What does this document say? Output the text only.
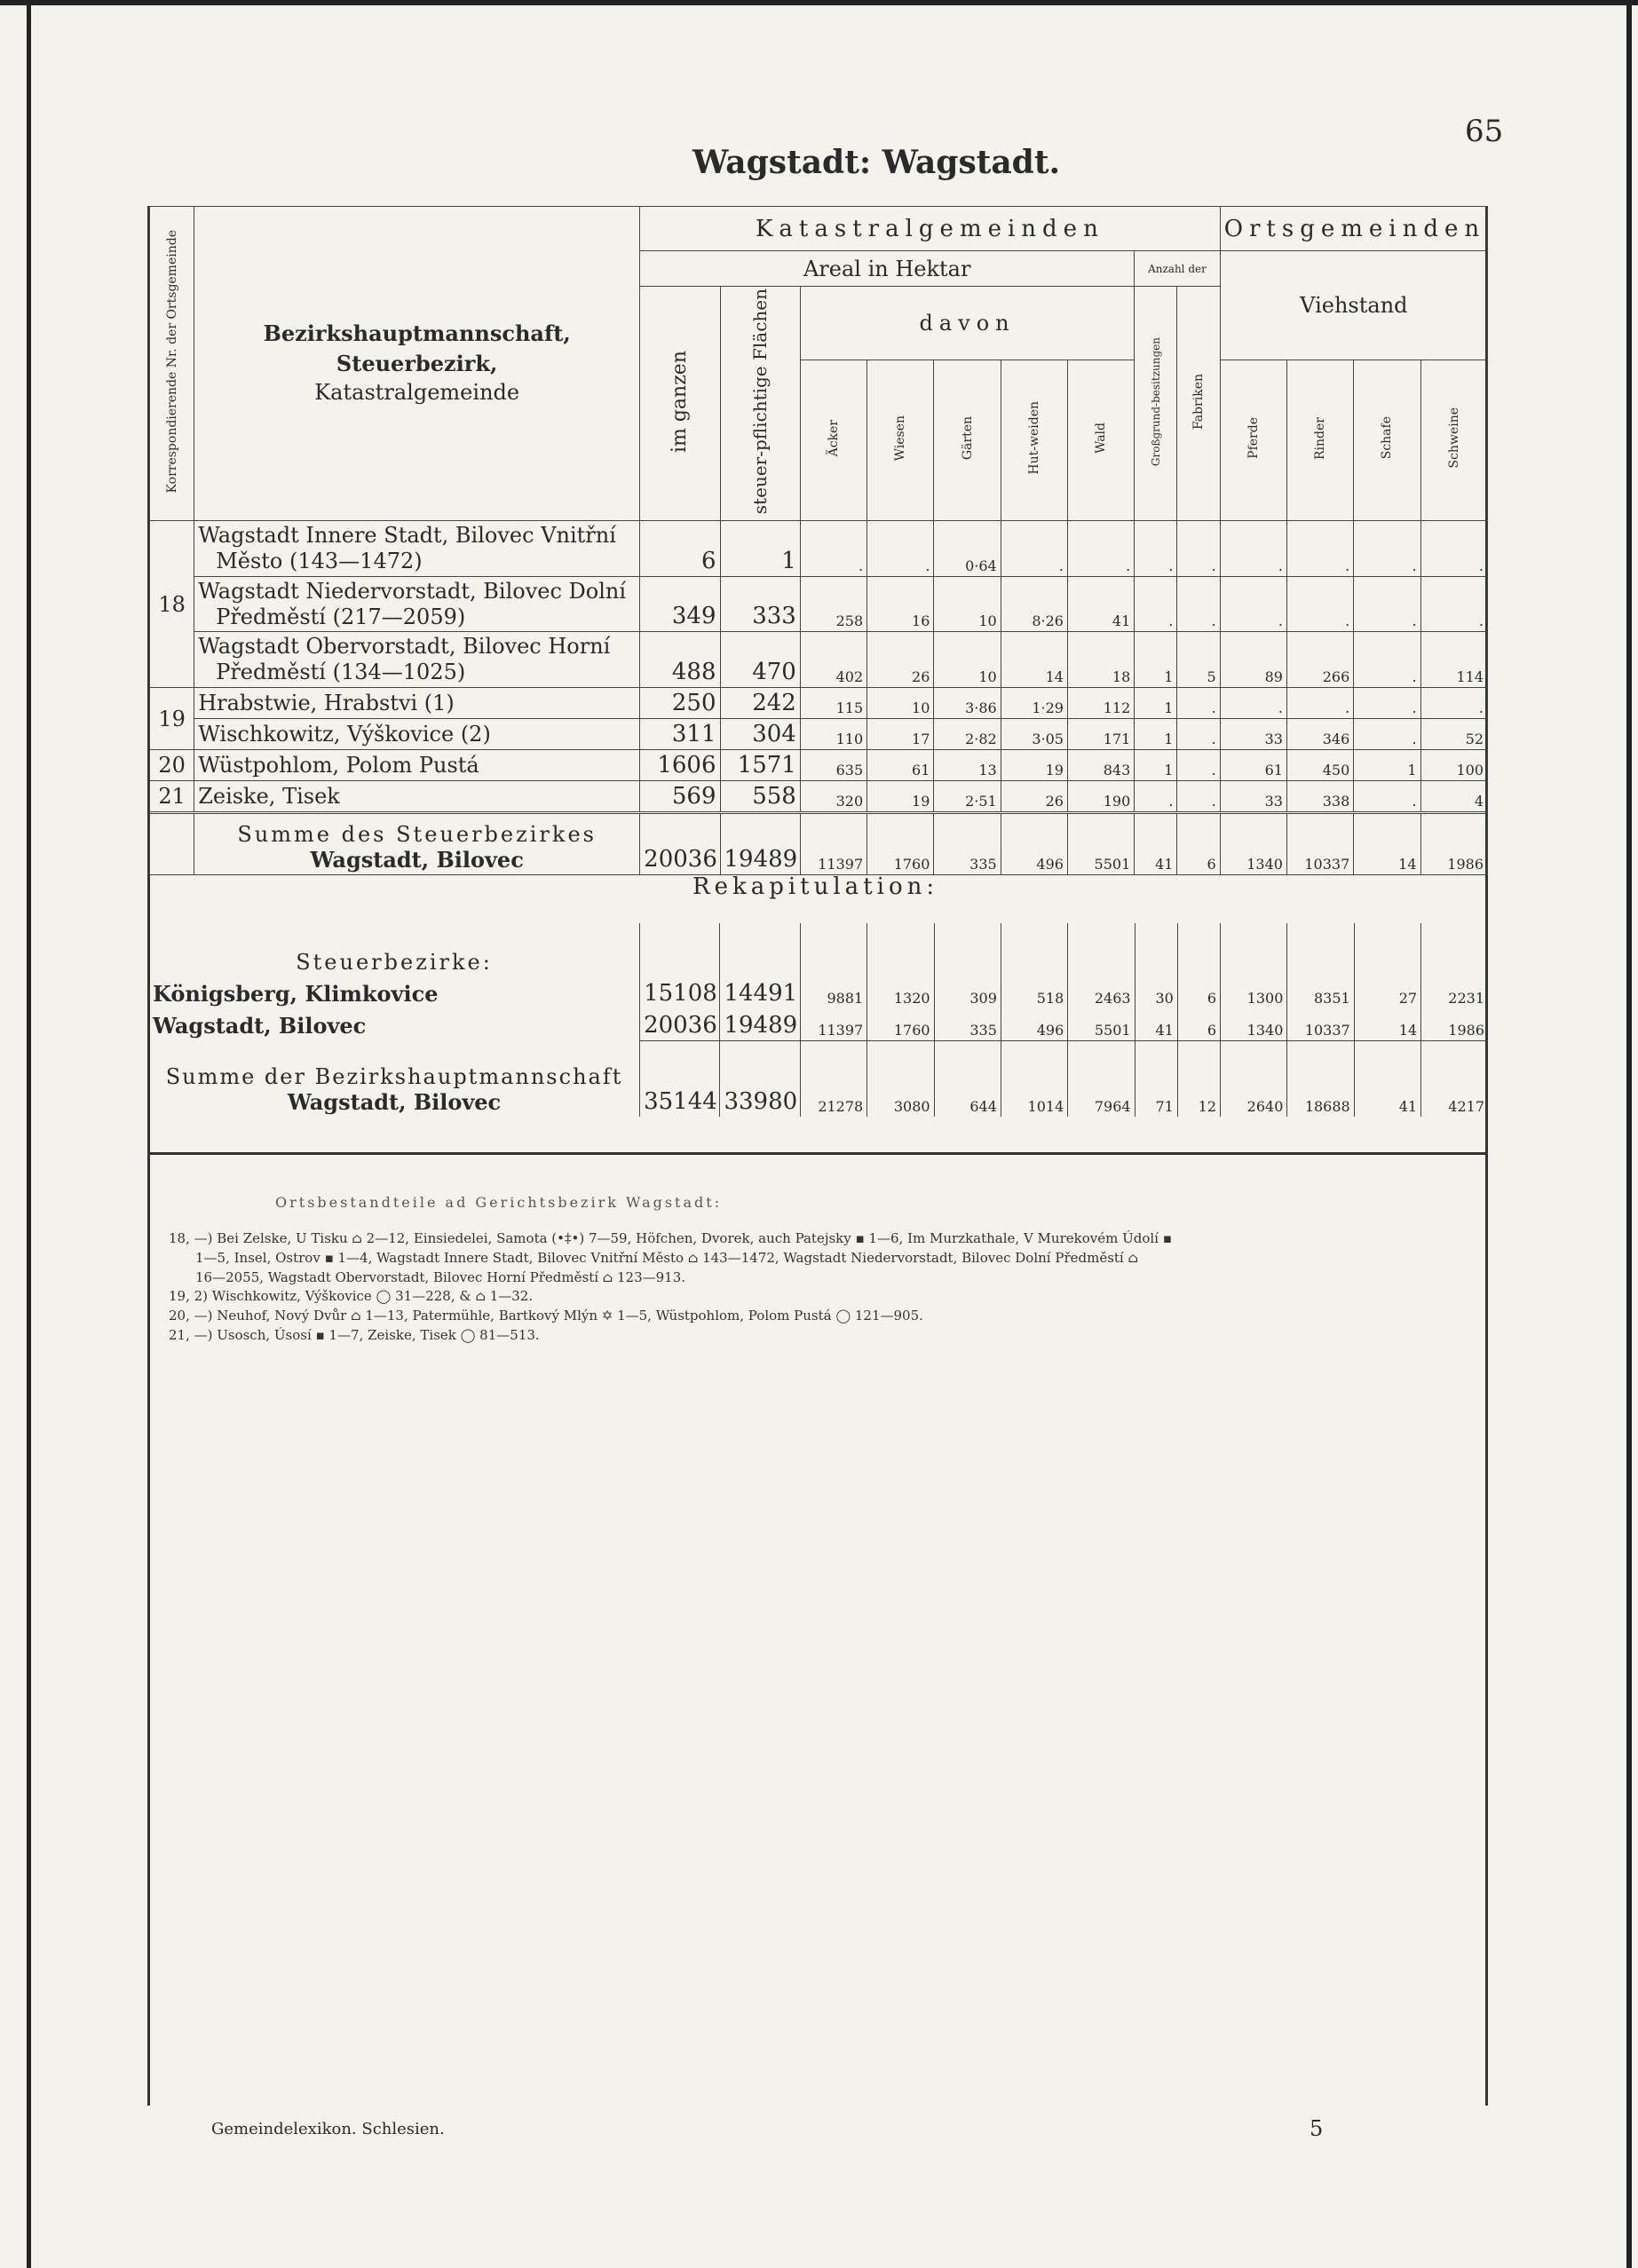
65
Wagstadt: Wagstadt.
Korrespondierende Nr. der Ortsgemeinde	Bezirkshauptmannschaft,
Steuerbezirk,
Katastralgemeinde	Katastralgemeinden									Ortsgemeinden			
		Areal in Hektar							Anzahl der		Viehstand			
		im ganzen	steuer-pflichtige Flächen	davon					Großgrund-besitzungen	Fabriken				
				Äcker	Wiesen	Gärten	Hut-weiden	Wald			Pferde	Rinder	Schafe	Schweine
18	Wagstadt Innere Stadt, Bilovec Vnitřní
Město (143—1472)	6	1	.	.	0·64	.	.	.	.	.	.	.	.

	Wagstadt Niedervorstadt, Bilovec Dolní
Předměstí (217—2059)	349	333	258	16	10	8·26	41	.	.	.	.	.	.

	Wagstadt Obervorstadt, Bilovec Horní
Předměstí (134—1025)	488	470	402	26	10	14	18	1	5	89	266	.	114
19	Hrabstwie, Hrabstvi (1)	250	242	115	10	3·86	1·29	112	1	.	.	.	.	.

	Wischkowitz, Výškovice (2)	311	304	110	17	2·82	3·05	171	1	.	33	346	.	52
20	Wüstpohlom, Polom Pustá	1606	1571	635	61	13	19	843	1	.	61	450	1	100
21	Zeiske, Tisek	569	558	320	19	2·51	26	190	.	.	33	338	.	4

	Summe des Steuerbezirkes
Wagstadt, Bilovec	20036	19489	11397	1760	335	496	5501	41	6	1340	10337	14	1986
Rekapitulation:
Steuerbezirke:													
Königsberg, Klimkovice	15108	14491	9881	1320	309	518	2463	30	6	1300	8351	27	2231
Wagstadt, Bilovec	20036	19489	11397	1760	335	496	5501	41	6	1340	10337	14	1986

Summe der Bezirkshauptmannschaft
Wagstadt, Bilovec	35144	33980	21278	3080	644	1014	7964	71	12	2640	18688	41	4217
Ortsbestandteile ad Gerichtsbezirk Wagstadt:
18, —) Bei Zelske, U Tisku ⌂ 2—12, Einsiedelei, Samota (•‡•) 7—59, Höfchen, Dvorek, auch Patejsky ▪ 1—6, Im Murzkathale, V Murekovém Údolí ▪
1—5, Insel, Ostrov ▪ 1—4, Wagstadt Innere Stadt, Bilovec Vnitřní Město ⌂ 143—1472, Wagstadt Niedervorstadt, Bilovec Dolní Předměstí ⌂
16—2055, Wagstadt Obervorstadt, Bilovec Horní Předměstí ⌂ 123—913.
19, 2) Wischkowitz, Výškovice ◯ 31—228, & ⌂ 1—32.
20, —) Neuhof, Nový Dvůr ⌂ 1—13, Patermühle, Bartkový Mlýn ✡ 1—5, Wüstpohlom, Polom Pustá ◯ 121—905.
21, —) Usosch, Úsosí ▪ 1—7, Zeiske, Tisek ◯ 81—513.
Gemeindelexikon. Schlesien.	5
